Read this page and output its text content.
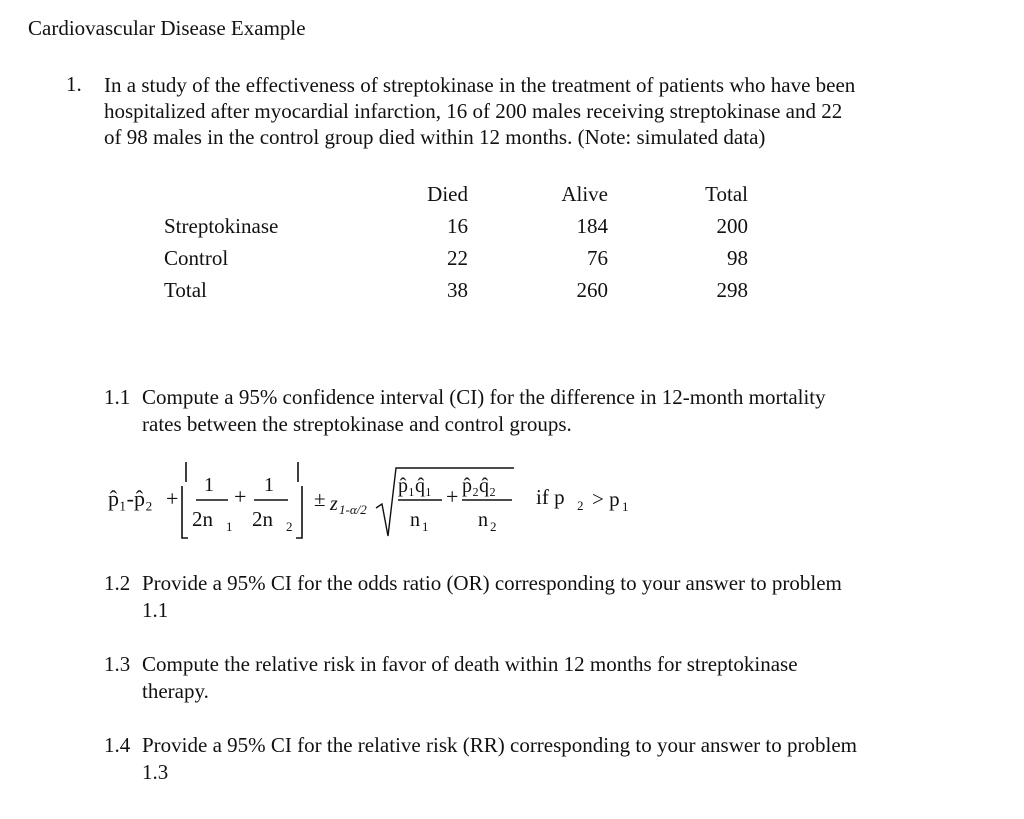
Cardiovascular Disease Example
1. In a study of the effectiveness of streptokinase in the treatment of patients who have been
hospitalized after myocardial infarction, 16 of 200 males receiving streptokinase and 22
of 98 males in the control group died within 12 months. (Note: simulated data)
	Died	Alive	Total
Streptokinase	16	184	200
Control	22	76	98
Total	38	260	298
1.1 Compute a 95% confidence interval (CI) for the difference in 12-month mortality
rates between the streptokinase and control groups.
p̂₁-p̂₂ +
1
2n 1
+ 1
2n 2
± z 1-α/2
p̂₁q̂₁
n 1
+ p̂₂q̂₂
n 2
if p 2 > p 1
1.2 Provide a 95% CI for the odds ratio (OR) corresponding to your answer to problem
1.1
1.3 Compute the relative risk in favor of death within 12 months for streptokinase
therapy.
1.4 Provide a 95% CI for the relative risk (RR) corresponding to your answer to problem
1.3
